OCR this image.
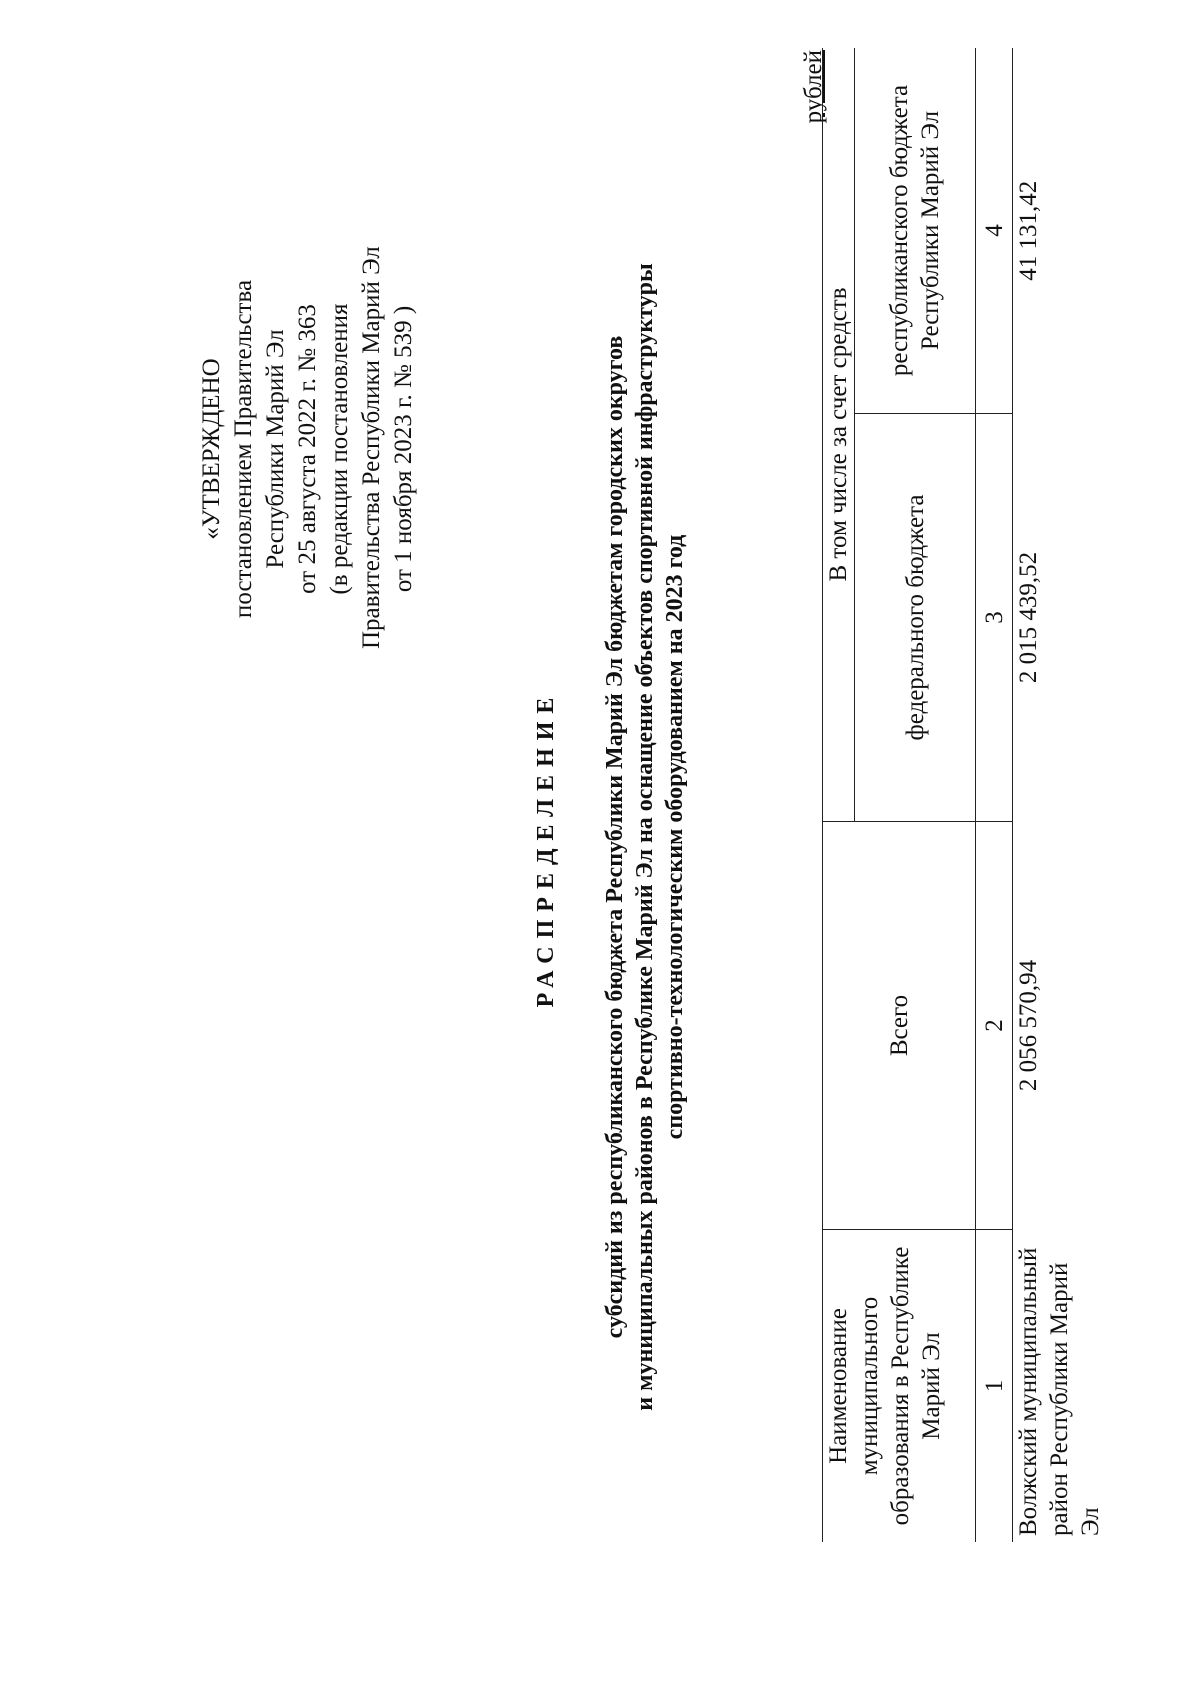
«УТВЕРЖДЕНО постановлением Правительства Республики Марий Эл от 25 августа 2022 г. № 363 (в редакции постановления Правительства Республики Марий Эл от 1 ноября 2023 г. № 539 )
РАСПРЕДЕЛЕНИЕ субсидий из республиканского бюджета Республики Марий Эл бюджетам городских округов и муниципальных районов в Республике Марий Эл на оснащение объектов спортивной инфраструктуры спортивно-технологическим оборудованием на 2023 год
рублей
Наименование муниципального образования в Республике Марий Эл	Всего	В том числе за счет средств	
		федерального бюджета	республиканского бюджета Республики Марий Эл
1	2	3	4
Волжский муниципальный район Республики Марий Эл	2 056 570,94	2 015 439,52	41 131,42
